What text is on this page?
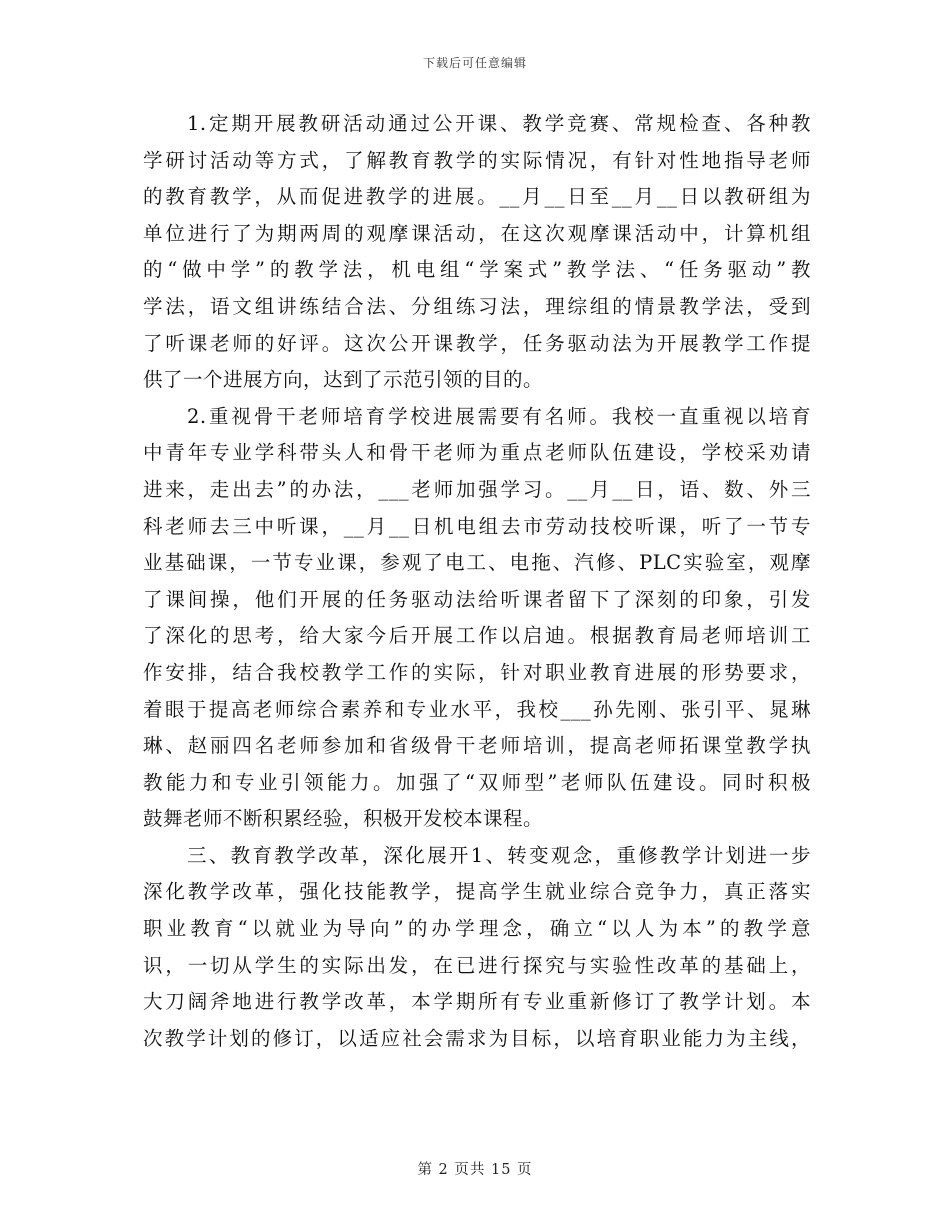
下载后可任意编辑
1.定期开展教研活动通过公开课、教学竞赛、常规检查、各种教
学研讨活动等方式，了解教育教学的实际情况，有针对性地指导老师
的教育教学，从而促进教学的进展。__月__日至__月__日以教研组为
单位进行了为期两周的观摩课活动，在这次观摩课活动中，计算机组
的“做中学”的教学法，机电组“学案式”教学法、“任务驱动”教
学法，语文组讲练结合法、分组练习法，理综组的情景教学法，受到
了听课老师的好评。这次公开课教学，任务驱动法为开展教学工作提
供了一个进展方向，达到了示范引领的目的。
2.重视骨干老师培育学校进展需要有名师。我校一直重视以培育
中青年专业学科带头人和骨干老师为重点老师队伍建设，学校采劝请
进来，走出去”的办法，___老师加强学习。__月__日，语、数、外三
科老师去三中听课，__月__日机电组去市劳动技校听课，听了一节专
业基础课，一节专业课，参观了电工、电拖、汽修、PLC实验室，观摩
了课间操，他们开展的任务驱动法给听课者留下了深刻的印象，引发
了深化的思考，给大家今后开展工作以启迪。根据教育局老师培训工
作安排，结合我校教学工作的实际，针对职业教育进展的形势要求，
着眼于提高老师综合素养和专业水平，我校___孙先刚、张引平、晁琳
琳、赵丽四名老师参加和省级骨干老师培训，提高老师拓课堂教学执
教能力和专业引领能力。加强了“双师型”老师队伍建设。同时积极
鼓舞老师不断积累经验，积极开发校本课程。
三、教育教学改革，深化展开1、转变观念，重修教学计划进一步
深化教学改革，强化技能教学，提高学生就业综合竞争力，真正落实
职业教育“以就业为导向”的办学理念，确立“以人为本”的教学意
识，一切从学生的实际出发，在已进行探究与实验性改革的基础上，
大刀阔斧地进行教学改革，本学期所有专业重新修订了教学计划。本
次教学计划的修订，以适应社会需求为目标，以培育职业能力为主线，
第 2 页共 15 页
